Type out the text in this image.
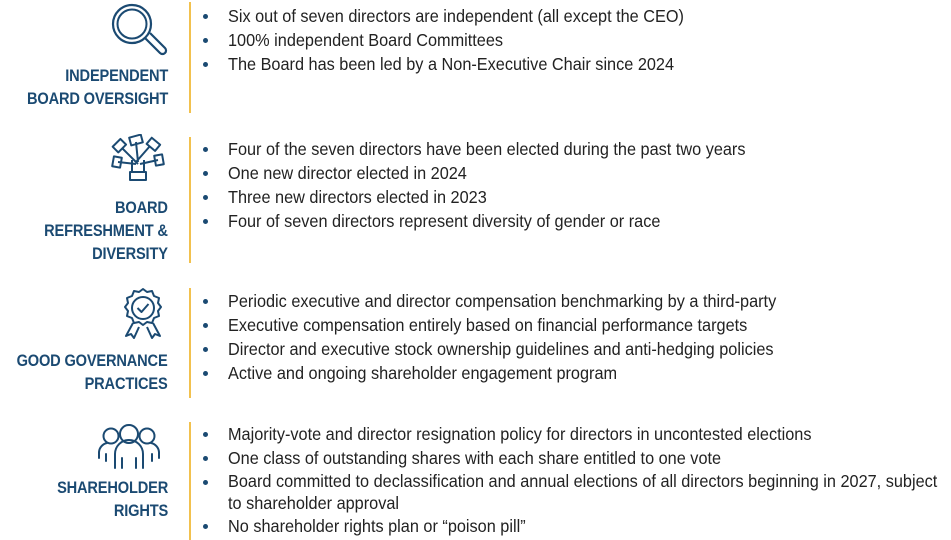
INDEPENDENT
BOARD OVERSIGHT
Six out of seven directors are independent (all except the CEO)
100% independent Board Committees
The Board has been led by a Non-Executive Chair since 2024
BOARD
REFRESHMENT &
DIVERSITY
Four of the seven directors have been elected during the past two years
One new director elected in 2024
Three new directors elected in 2023
Four of seven directors represent diversity of gender or race
GOOD GOVERNANCE
PRACTICES
Periodic executive and director compensation benchmarking by a third-party
Executive compensation entirely based on financial performance targets
Director and executive stock ownership guidelines and anti-hedging policies
Active and ongoing shareholder engagement program
SHAREHOLDER
RIGHTS
Majority-vote and director resignation policy for directors in uncontested elections
One class of outstanding shares with each share entitled to one vote
Board committed to declassification and annual elections of all directors beginning in 2027, subject to shareholder approval
No shareholder rights plan or “poison pill”
